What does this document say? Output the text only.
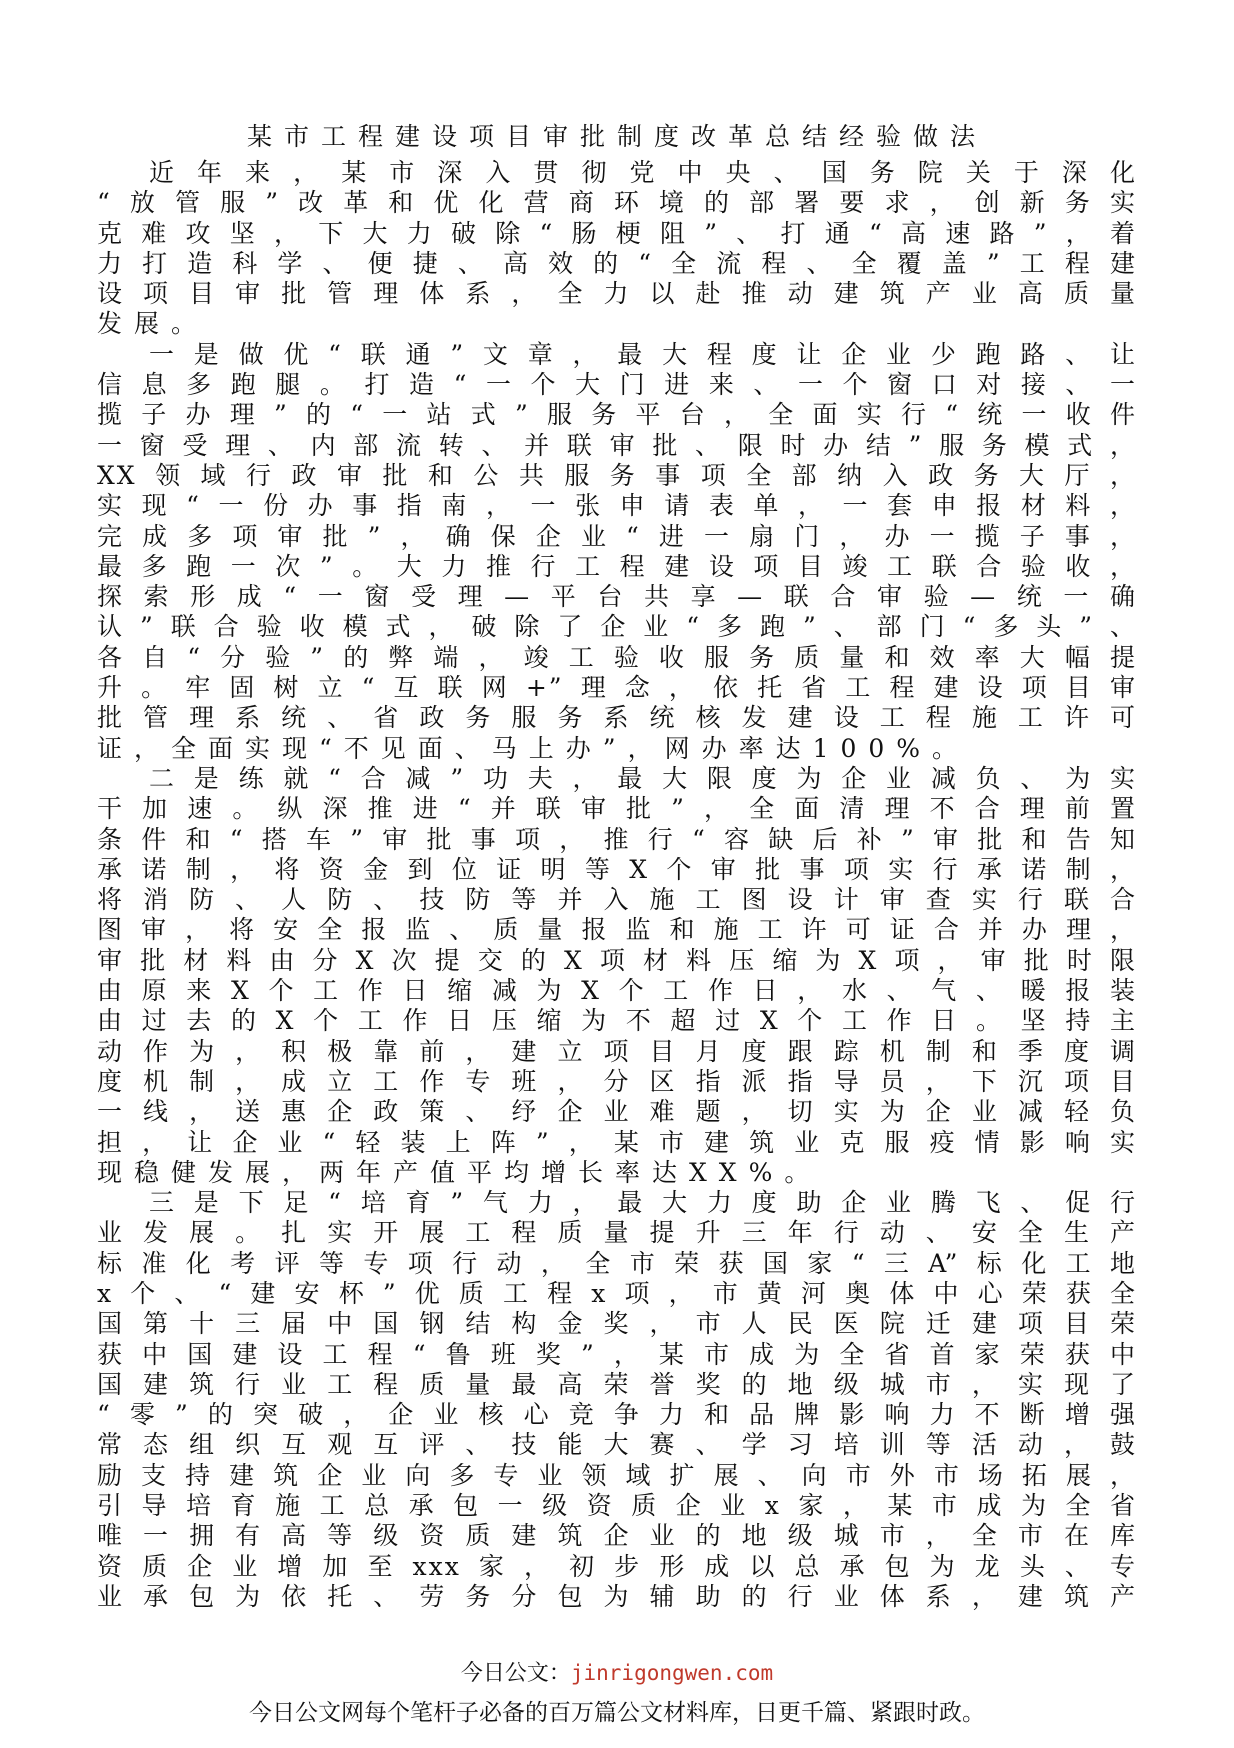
某市工程建设项目审批制度改革总结经验做法
近年来，某市深入贯彻党中央、国务院关于深化
“放管服”改革和优化营商环境的部署要求，创新务实
克难攻坚，下大力破除“肠梗阻”、打通“高速路”，着
力打造科学、便捷、高效的“全流程、全覆盖”工程建
设项目审批管理体系，全力以赴推动建筑产业高质量
发展。
一是做优“联通”文章，最大程度让企业少跑路、让
信息多跑腿。打造“一个大门进来、一个窗口对接、一
揽子办理”的“一站式”服务平台，全面实行“统一收件
一窗受理、内部流转、并联审批、限时办结”服务模式，
XX领域行政审批和公共服务事项全部纳入政务大厅，
实现“一份办事指南，一张申请表单，一套申报材料，
完成多项审批”，确保企业“进一扇门，办一揽子事，
最多跑一次”。大力推行工程建设项目竣工联合验收，
探索形成“一窗受理—平台共享—联合审验—统一确
认”联合验收模式，破除了企业“多跑”、部门“多头”、
各自“分验”的弊端，竣工验收服务质量和效率大幅提
升。牢固树立“互联网+”理念，依托省工程建设项目审
批管理系统、省政务服务系统核发建设工程施工许可
证，全面实现“不见面、马上办”，网办率达100%。
二是练就“合减”功夫，最大限度为企业减负、为实
干加速。纵深推进“并联审批”，全面清理不合理前置
条件和“搭车”审批事项，推行“容缺后补”审批和告知
承诺制，将资金到位证明等X个审批事项实行承诺制，
将消防、人防、技防等并入施工图设计审查实行联合
图审，将安全报监、质量报监和施工许可证合并办理，
审批材料由分X次提交的X项材料压缩为X项，审批时限
由原来X个工作日缩减为X个工作日，水、气、暖报装
由过去的X个工作日压缩为不超过X个工作日。坚持主
动作为，积极靠前，建立项目月度跟踪机制和季度调
度机制，成立工作专班，分区指派指导员，下沉项目
一线，送惠企政策、纾企业难题，切实为企业减轻负
担，让企业“轻装上阵”，某市建筑业克服疫情影响实
现稳健发展，两年产值平均增长率达XX%。
三是下足“培育”气力，最大力度助企业腾飞、促行
业发展。扎实开展工程质量提升三年行动、安全生产
标准化考评等专项行动，全市荣获国家“三A”标化工地
x个、“建安杯”优质工程x项，市黄河奥体中心荣获全
国第十三届中国钢结构金奖，市人民医院迁建项目荣
获中国建设工程“鲁班奖”，某市成为全省首家荣获中
国建筑行业工程质量最高荣誉奖的地级城市，实现了
“零”的突破，企业核心竞争力和品牌影响力不断增强
常态组织互观互评、技能大赛、学习培训等活动，鼓
励支持建筑企业向多专业领域扩展、向市外市场拓展，
引导培育施工总承包一级资质企业x家，某市成为全省
唯一拥有高等级资质建筑企业的地级城市，全市在库
资质企业增加至xxx家，初步形成以总承包为龙头、专
业承包为依托、劳务分包为辅助的行业体系，建筑产
今日公文：jinrigongwen.com
今日公文网每个笔杆子必备的百万篇公文材料库，日更千篇、紧跟时政。
